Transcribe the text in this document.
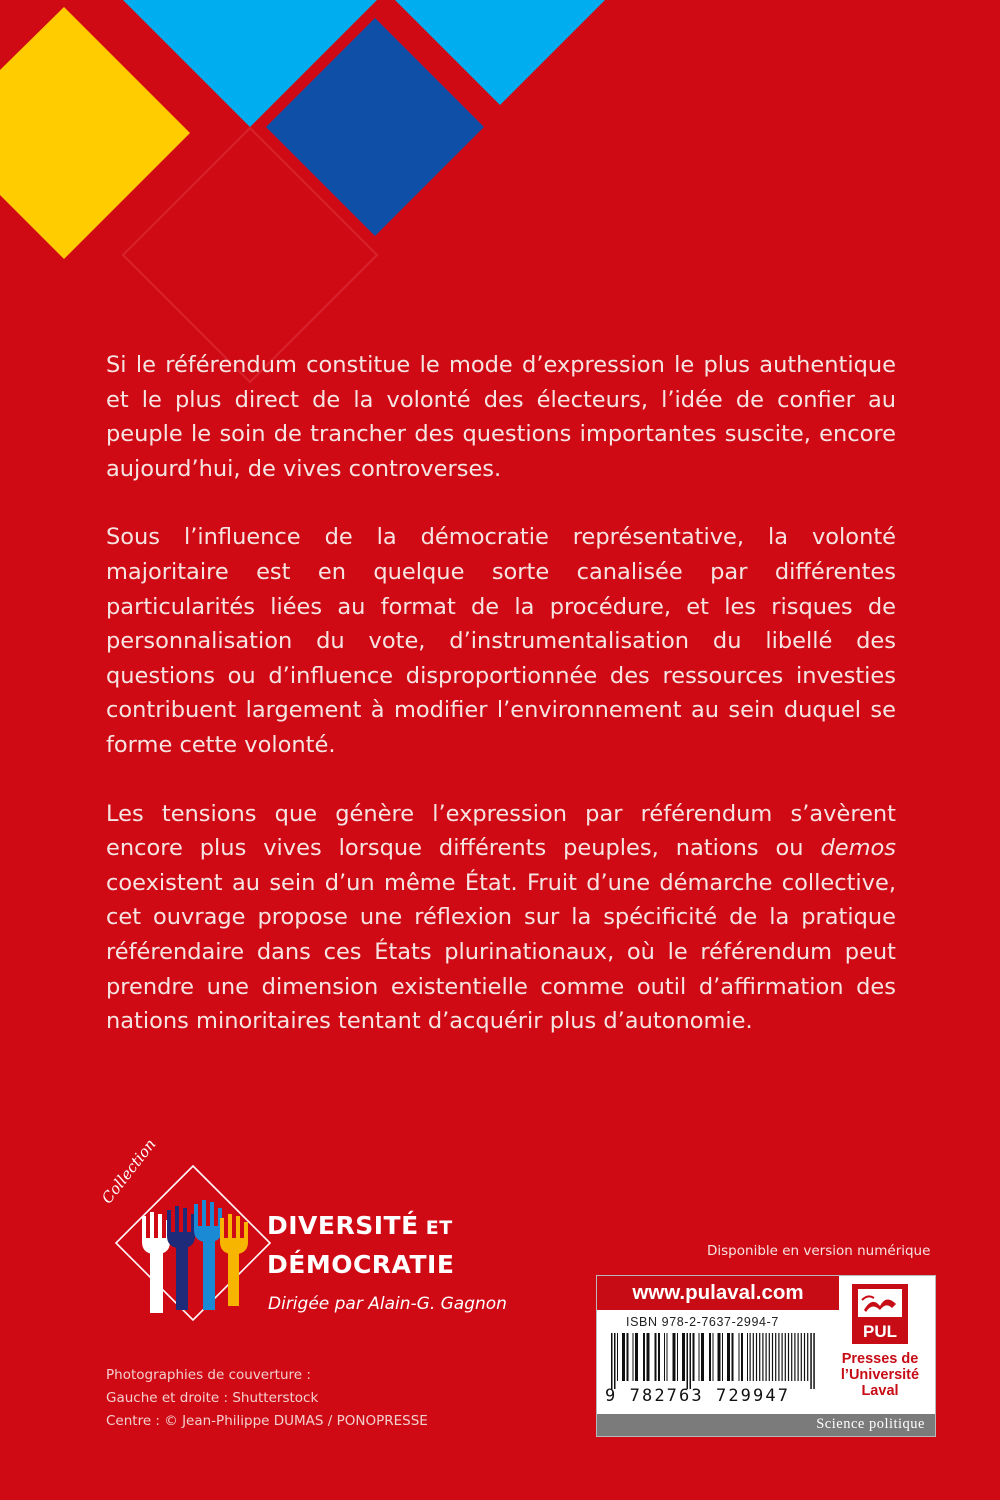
Si le référendum constitue le mode d’expression le plus authentique et le plus direct de la volonté des électeurs, l’idée de confier au peuple le soin de trancher des questions importantes suscite, encore aujourd’hui, de vives controverses.

Sous l’influence de la démocratie représentative, la volonté majoritaire est en quelque sorte canalisée par différentes particularités liées au format de la procédure, et les risques de personnalisation du vote, d’instrumentalisation du libellé des questions ou d’influence disproportionnée des ressources investies contribuent largement à modifier l’environnement au sein duquel se forme cette volonté.

Les tensions que génère l’expression par référendum s’avèrent encore plus vives lorsque différents peuples, nations ou demos coexistent au sein d’un même État. Fruit d’une démarche collective, cet ouvrage propose une réflexion sur la spécificité de la pratique référendaire dans ces États plurinationaux, où le référendum peut prendre une dimension existentielle comme outil d’affirmation des nations minoritaires tentant d’acquérir plus d’autonomie.

Collection
DIVERSITÉ ET
DÉMOCRATIE
Dirigée par Alain-G. Gagnon
Photographies de couverture :
Gauche et droite : Shutterstock
Centre : © Jean-Philippe DUMAS / PONOPRESSE
Disponible en version numérique
www.pulaval.com
ISBN 978-2-7637-2994-7
9 782763 729947
PUL
Presses de
l’Université
Laval
Science politique
